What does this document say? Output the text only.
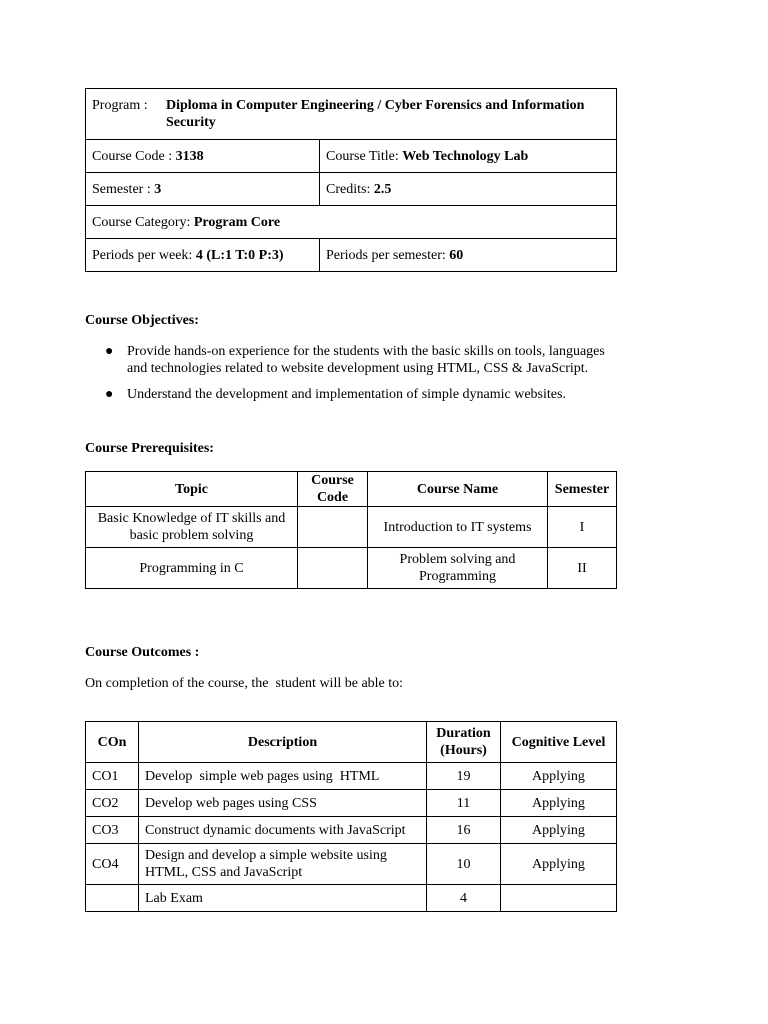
Program : Diploma in Computer Engineering / Cyber Forensics and Information Security	

Course Code : 3138	Course Title: Web Technology Lab
Semester : 3	Credits: 2.5
Course Category: Program Core	
Periods per week: 4 (L:1 T:0 P:3)	Periods per semester: 60
Course Objectives:
● Provide hands-on experience for the students with the basic skills on tools, languages and technologies related to website development using HTML, CSS & JavaScript.
● Understand the development and implementation of simple dynamic websites.
Course Prerequisites:
Topic	Course Code	Course Name	Semester
Basic Knowledge of IT skills and basic problem solving		Introduction to IT systems	I
Programming in C		Problem solving and Programming	II
Course Outcomes :
On completion of the course, the  student will be able to:
COn	Description	Duration (Hours)	Cognitive Level
CO1	Develop  simple web pages using  HTML	19	Applying
CO2	Develop web pages using CSS	11	Applying
CO3	Construct dynamic documents with JavaScript	16	Applying
CO4	Design and develop a simple website using HTML, CSS and JavaScript	10	Applying
	Lab Exam	4	
